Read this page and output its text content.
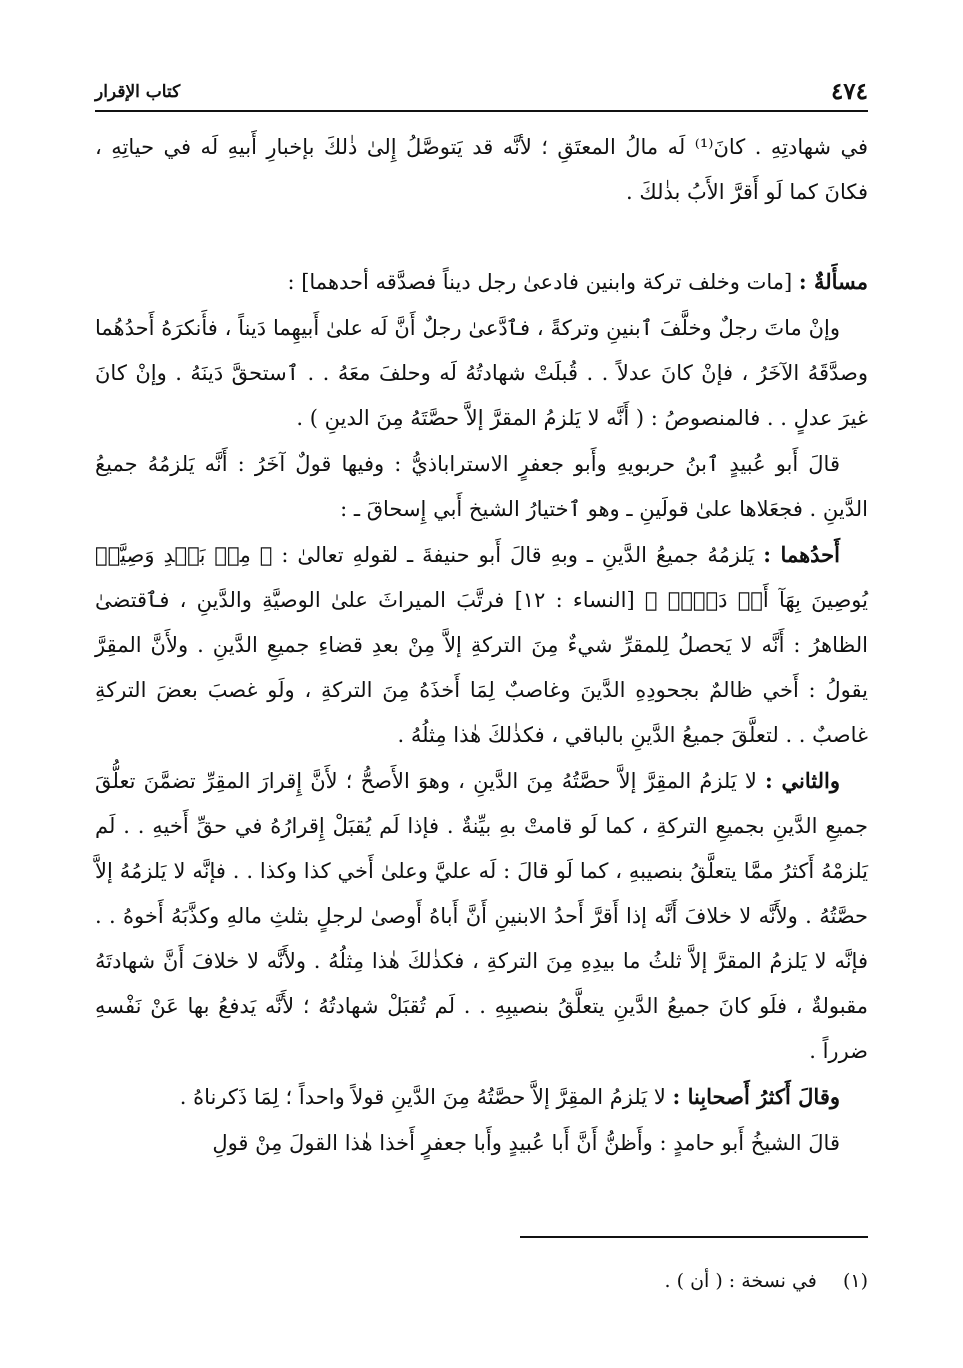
٤٧٤
كتاب الإقرار

في شهادتِهِ . كانَ⁽¹⁾ لَه مالُ المعتَقِ ؛ لأنَّه قد يَتوصَّلُ إِلىٰ ذٰلكَ بإخبارِ أَبيهِ لَه في حياتِهِ ، فكانَ كما لَو أَقرَّ الأَبُ بذٰلكَ .

مسأَلةٌ : [مات وخلف تركة وابنين فادعىٰ رجل ديناً فصدَّقه أحدهما] :

وإنْ ماتَ رجلٌ وخلَّفَ ٱبنينِ وتركةً ، فٱدَّعىٰ رجلٌ أَنَّ لَه علىٰ أَبيهِما دَيناً ، فأَنكرَهُ أَحدُهُما وصدَّقَهُ الآخَرُ ، فإنْ كانَ عدلاً . . قُبلَتْ شهادتُهُ لَه وحلفَ معَهُ . . ٱستحقَّ دَينَهُ . وإنْ كانَ غيرَ عدلٍ . . فالمنصوصُ : ( أَنَّه لا يَلزمُ المقرَّ إلاَّ حصَّتَهُ مِنَ الدينِ ) .

قالَ أَبو عُبيدٍ ٱبنُ حربويهِ وأَبو جعفرٍ الاستراباذيُّ : وفيها قولٌ آخَرُ : أَنَّه يَلزمُهُ جميعُ الدَّينِ . فجعَلاها علىٰ قولَينِ ـ وهو ٱختيارُ الشيخ أَبي إِسحاقَ ـ :

أَحدُهما : يَلزمُهُ جميعُ الدَّينِ ـ وبهِ قالَ أَبو حنيفةَ ـ لقولهِ تعالىٰ : ﴿ مِنۢ بَعۡدِ وَصِيَّةٖ يُوصِينَ بِهَآ أَوۡ دَيۡنٖ ﴾ [النساء : ١٢] فرتَّبَ الميراثَ علىٰ الوصيَّةِ والدَّينِ ، فٱقتضىٰ الظاهرُ : أَنَّه لا يَحصلُ لِلمقرِّ شيءٌ مِنَ التركةِ إلاَّ مِنْ بعدِ قضاءِ جميعِ الدَّينِ . ولأَنَّ المقِرَّ يقولُ : أَخي ظالمٌ بجحودِهِ الدَّينَ وغاصبٌ لِمَا أَخذَهُ مِنَ التركةِ ، ولَو غصبَ بعضَ التركةِ غاصبٌ . . لتعلَّقَ جميعُ الدَّينِ بالباقي ، فكذٰلكَ هٰذا مِثلُهُ .

والثاني : لا يَلزمُ المقِرَّ إلاَّ حصَّتُهُ مِنَ الدَّينِ ، وهوَ الأَصحُّ ؛ لأَنَّ إِقرارَ المقِرِّ تضمَّنَ تعلُّقَ جميعِ الدَّينِ بجميعِ التركةِ ، كما لَو قامتْ بهِ بيِّنةٌ . فإذا لَم يُقبَلْ إِقرارُهُ في حقِّ أَخيهِ . . لَم يَلزمْهُ أَكثرُ ممَّا يتعلَّقُ بنصيبهِ ، كما لَو قالَ : لَه عليَّ وعلىٰ أَخي كذا وكذا . . فإنَّه لا يَلزمُهُ إلاَّ حصَّتُهُ . ولأَنَّه لا خلافَ أَنَّه إذا أَقرَّ أَحدُ الابنينِ أَنَّ أَباهُ أَوصىٰ لرجلٍ بثلثِ مالهِ وكذَّبَهُ أَخوهُ . . فإنَّه لا يَلزمُ المقرَّ إلاَّ ثلثُ ما بيدِهِ مِنَ التركةِ ، فكذٰلكَ هٰذا مِثلُهُ . ولأَنَّه لا خلافَ أَنَّ شهادتَهُ مقبولةٌ ، فلَو كانَ جميعُ الدَّينِ يتعلَّقُ بنصيبِهِ . . لَم تُقبَلْ شهادتُهُ ؛ لأَنَّه يَدفعُ بها عَنْ نَفْسهِ ضرراً .

وقالَ أَكثرُ أَصحابِنا : لا يَلزمُ المقِرَّ إلاَّ حصَّتُهُ مِنَ الدَّينِ قولاً واحداً ؛ لِمَا ذَكرناهُ .

قالَ الشيخُ أَبو حامدٍ : وأَظنُّ أَنَّ أَبا عُبيدٍ وأَبا جعفرٍ أَخذا هٰذا القولَ مِنْ قولِ

(١) في نسخة : ( أن ) .
